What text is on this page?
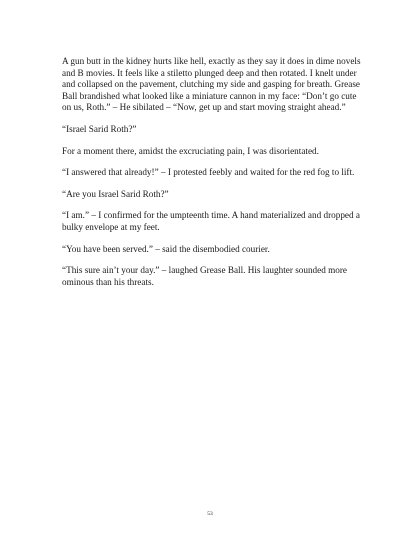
A gun butt in the kidney hurts like hell, exactly as they say it does in dime novels and B movies. It feels like a stiletto plunged deep and then rotated. I knelt under and collapsed on the pavement, clutching my side and gasping for breath. Grease Ball brandished what looked like a miniature cannon in my face: “Don’t go cute on us, Roth.” – He sibilated – “Now, get up and start moving straight ahead.”

“Israel Sarid Roth?”

For a moment there, amidst the excruciating pain, I was disorientated.

“I answered that already!” – I protested feebly and waited for the red fog to lift.

“Are you Israel Sarid Roth?”

“I am.” – I confirmed for the umpteenth time. A hand materialized and dropped a bulky envelope at my feet.

“You have been served.” – said the disembodied courier.

“This sure ain’t your day.” – laughed Grease Ball. His laughter sounded more ominous than his threats.

53
